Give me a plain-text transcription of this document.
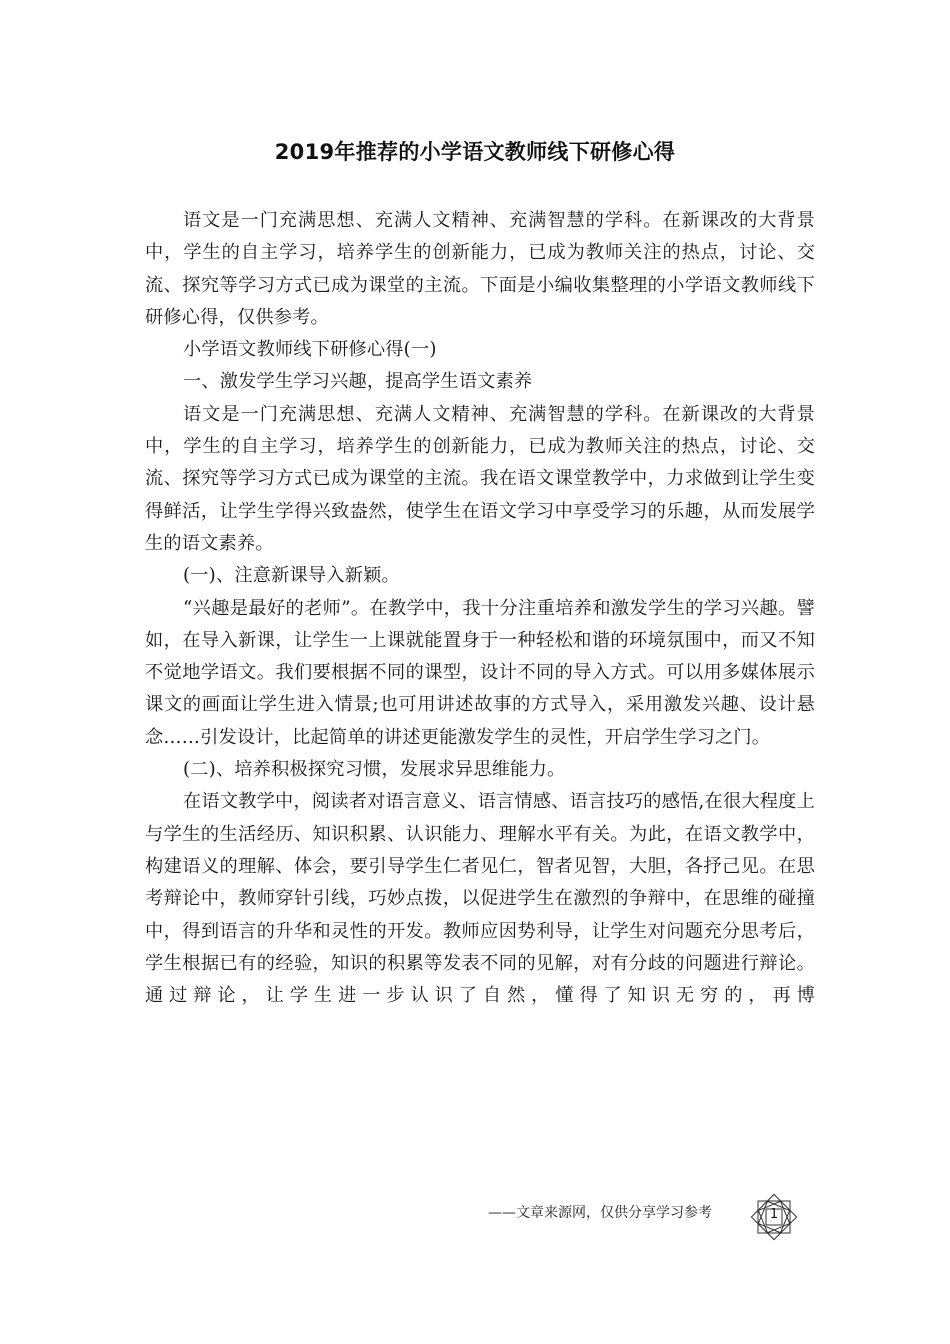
2019年推荐的小学语文教师线下研修心得

语文是一门充满思想、充满人文精神、充满智慧的学科。在新课改的大背景中，学生的自主学习，培养学生的创新能力，已成为教师关注的热点，讨论、交流、探究等学习方式已成为课堂的主流。下面是小编收集整理的小学语文教师线下研修心得，仅供参考。

小学语文教师线下研修心得(一)

一、激发学生学习兴趣，提高学生语文素养

语文是一门充满思想、充满人文精神、充满智慧的学科。在新课改的大背景中，学生的自主学习，培养学生的创新能力，已成为教师关注的热点，讨论、交流、探究等学习方式已成为课堂的主流。我在语文课堂教学中，力求做到让学生变得鲜活，让学生学得兴致盎然，使学生在语文学习中享受学习的乐趣，从而发展学生的语文素养。

(一)、注意新课导入新颖。

“兴趣是最好的老师”。在教学中，我十分注重培养和激发学生的学习兴趣。譬如，在导入新课，让学生一上课就能置身于一种轻松和谐的环境氛围中，而又不知不觉地学语文。我们要根据不同的课型，设计不同的导入方式。可以用多媒体展示课文的画面让学生进入情景;也可用讲述故事的方式导入，采用激发兴趣、设计悬念……引发设计，比起简单的讲述更能激发学生的灵性，开启学生学习之门。

(二)、培养积极探究习惯，发展求异思维能力。

在语文教学中，阅读者对语言意义、语言情感、语言技巧的感悟,在很大程度上与学生的生活经历、知识积累、认识能力、理解水平有关。为此，在语文教学中，构建语义的理解、体会，要引导学生仁者见仁，智者见智，大胆，各抒己见。在思考辩论中，教师穿针引线，巧妙点拨，以促进学生在激烈的争辩中，在思维的碰撞中，得到语言的升华和灵性的开发。教师应因势利导，让学生对问题充分思考后，学生根据已有的经验，知识的积累等发表不同的见解，对有分歧的问题进行辩论。通过辩论，让学生进一步认识了自然，懂得了知识无穷的，再博

——文章来源网，仅供分享学习参考	1
